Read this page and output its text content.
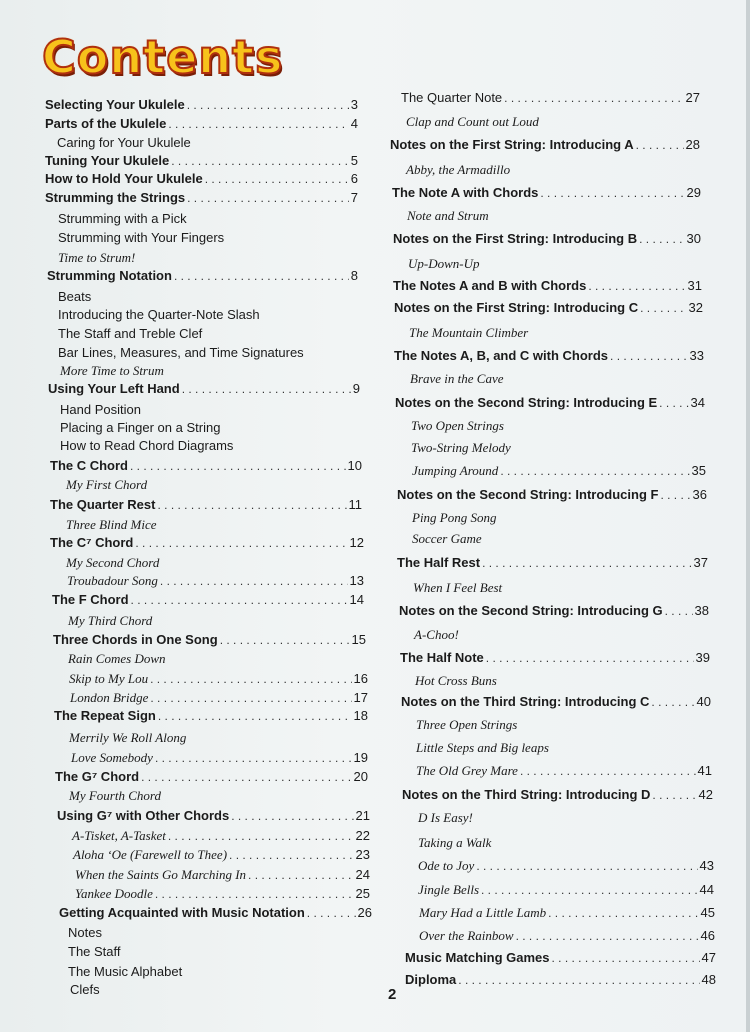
Contents
Selecting Your Ukulele . . .	3
Parts of the Ukulele . . .	4
Caring for Your Ukulele
Tuning Your Ukulele . . .	5
How to Hold Your Ukulele . . .	6
Strumming the Strings . . .	7
Strumming with a Pick
Strumming with Your Fingers
Time to Strum!
Strumming Notation . . .	8
Beats
Introducing the Quarter-Note Slash
The Staff and Treble Clef
Bar Lines, Measures, and Time Signatures
More Time to Strum
Using Your Left Hand . . .	9
Hand Position
Placing a Finger on a String
How to Read Chord Diagrams
The C Chord . . .	10
My First Chord
The Quarter Rest . . .	11
Three Blind Mice
The C⁷ Chord . . .	12
My Second Chord
Troubadour Song . . .	13
The F Chord . . .	14
My Third Chord
Three Chords in One Song . . .	15
Rain Comes Down
Skip to My Lou . . .	16
London Bridge . . .	17
The Repeat Sign . . .	18
Merrily We Roll Along
Love Somebody . . .	19
The G⁷ Chord . . .	20
My Fourth Chord
Using G⁷ with Other Chords . . .	21
A-Tisket, A-Tasket . . .	22
Aloha ʻOe (Farewell to Thee) . . .	23
When the Saints Go Marching In . . .	24
Yankee Doodle . . .	25
Getting Acquainted with Music Notation . . .	26
Notes
The Staff
The Music Alphabet
Clefs
The Quarter Note . . .	27
Clap and Count out Loud
Notes on the First String: Introducing A . . .	28
Abby, the Armadillo
The Note A with Chords . . .	29
Note and Strum
Notes on the First String: Introducing B . . .	30
Up-Down-Up
The Notes A and B with Chords . . .	31
Notes on the First String: Introducing C . . .	32
The Mountain Climber
The Notes A, B, and C with Chords . . .	33
Brave in the Cave
Notes on the Second String: Introducing E . . .	34
Two Open Strings
Two-String Melody
Jumping Around . . .	35
Notes on the Second String: Introducing F . . .	36
Ping Pong Song
Soccer Game
The Half Rest . . .	37
When I Feel Best
Notes on the Second String: Introducing G . . . 38
A-Choo!
The Half Note . . .	39
Hot Cross Buns
Notes on the Third String: Introducing C . . .	40
Three Open Strings
Little Steps and Big leaps
The Old Grey Mare . . .	41
Notes on the Third String: Introducing D . . .	42
D Is Easy!
Taking a Walk
Ode to Joy . . .	43
Jingle Bells . . .	44
Mary Had a Little Lamb . . .	45
Over the Rainbow . . .	46
Music Matching Games . . .	47
Diploma . . .	48
2
